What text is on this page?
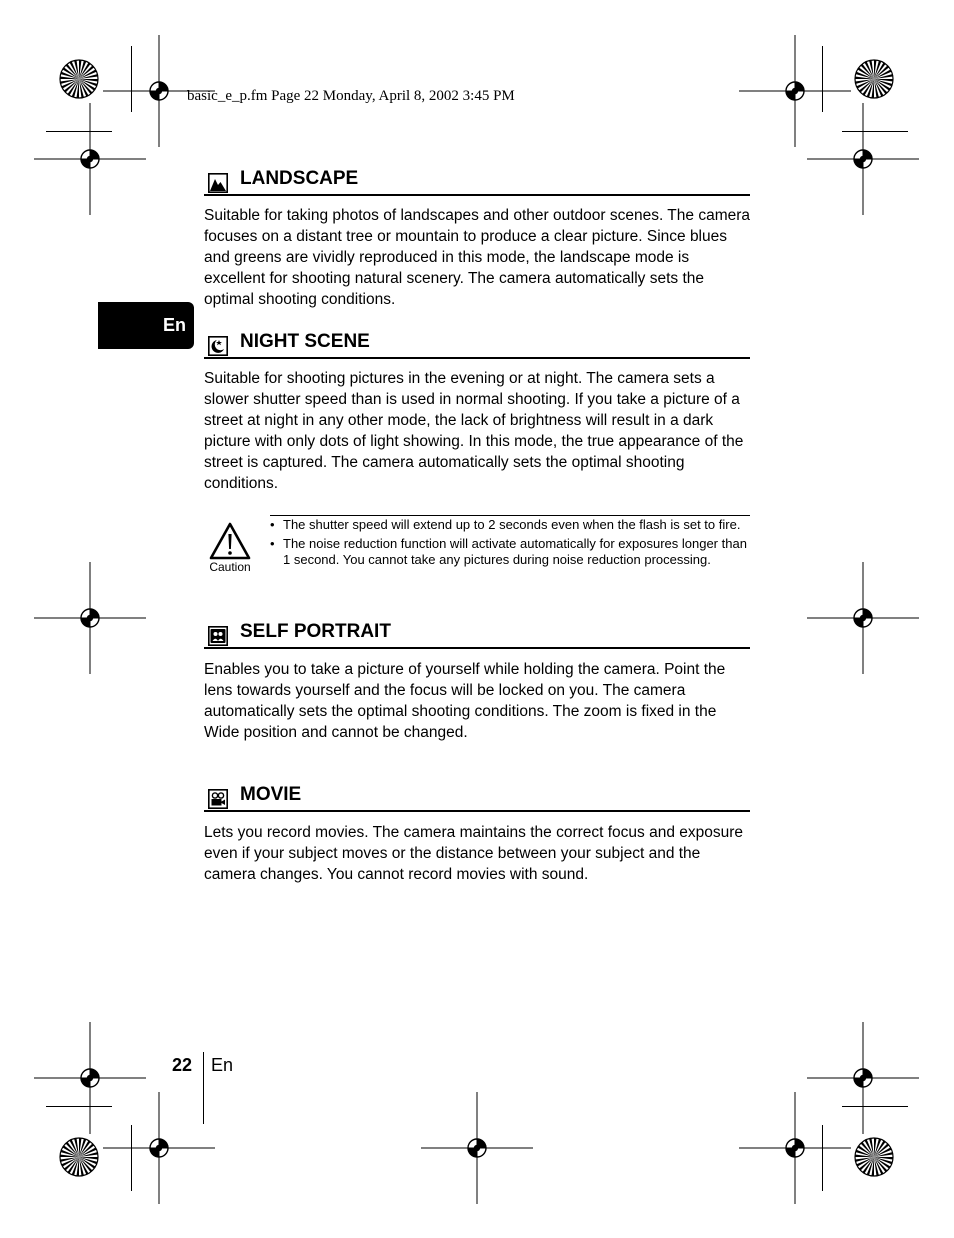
basic_e_p.fm Page 22 Monday, April 8, 2002 3:45 PM
En
LANDSCAPE
Suitable for taking photos of landscapes and other outdoor scenes. The camera focuses on a distant tree or mountain to produce a clear picture. Since blues and greens are vividly reproduced in this mode, the landscape mode is excellent for shooting natural scenery. The camera automatically sets the optimal shooting conditions.
NIGHT SCENE
Suitable for shooting pictures in the evening or at night. The camera sets a slower shutter speed than is used in normal shooting. If you take a picture of a street at night in any other mode, the lack of brightness will result in a dark picture with only dots of light showing. In this mode, the true appearance of the street is captured. The camera automatically sets the optimal shooting conditions.
Caution
• The shutter speed will extend up to 2 seconds even when the flash is set to fire.
• The noise reduction function will activate automatically for exposures longer than 1 second. You cannot take any pictures during noise reduction processing.
SELF PORTRAIT
Enables you to take a picture of yourself while holding the camera. Point the lens towards yourself and the focus will be locked on you. The camera automatically sets the optimal shooting conditions. The zoom is fixed in the Wide position and cannot be changed.
MOVIE
Lets you record movies. The camera maintains the correct focus and exposure even if your subject moves or the distance between your subject and the camera changes. You cannot record movies with sound.
22 En
